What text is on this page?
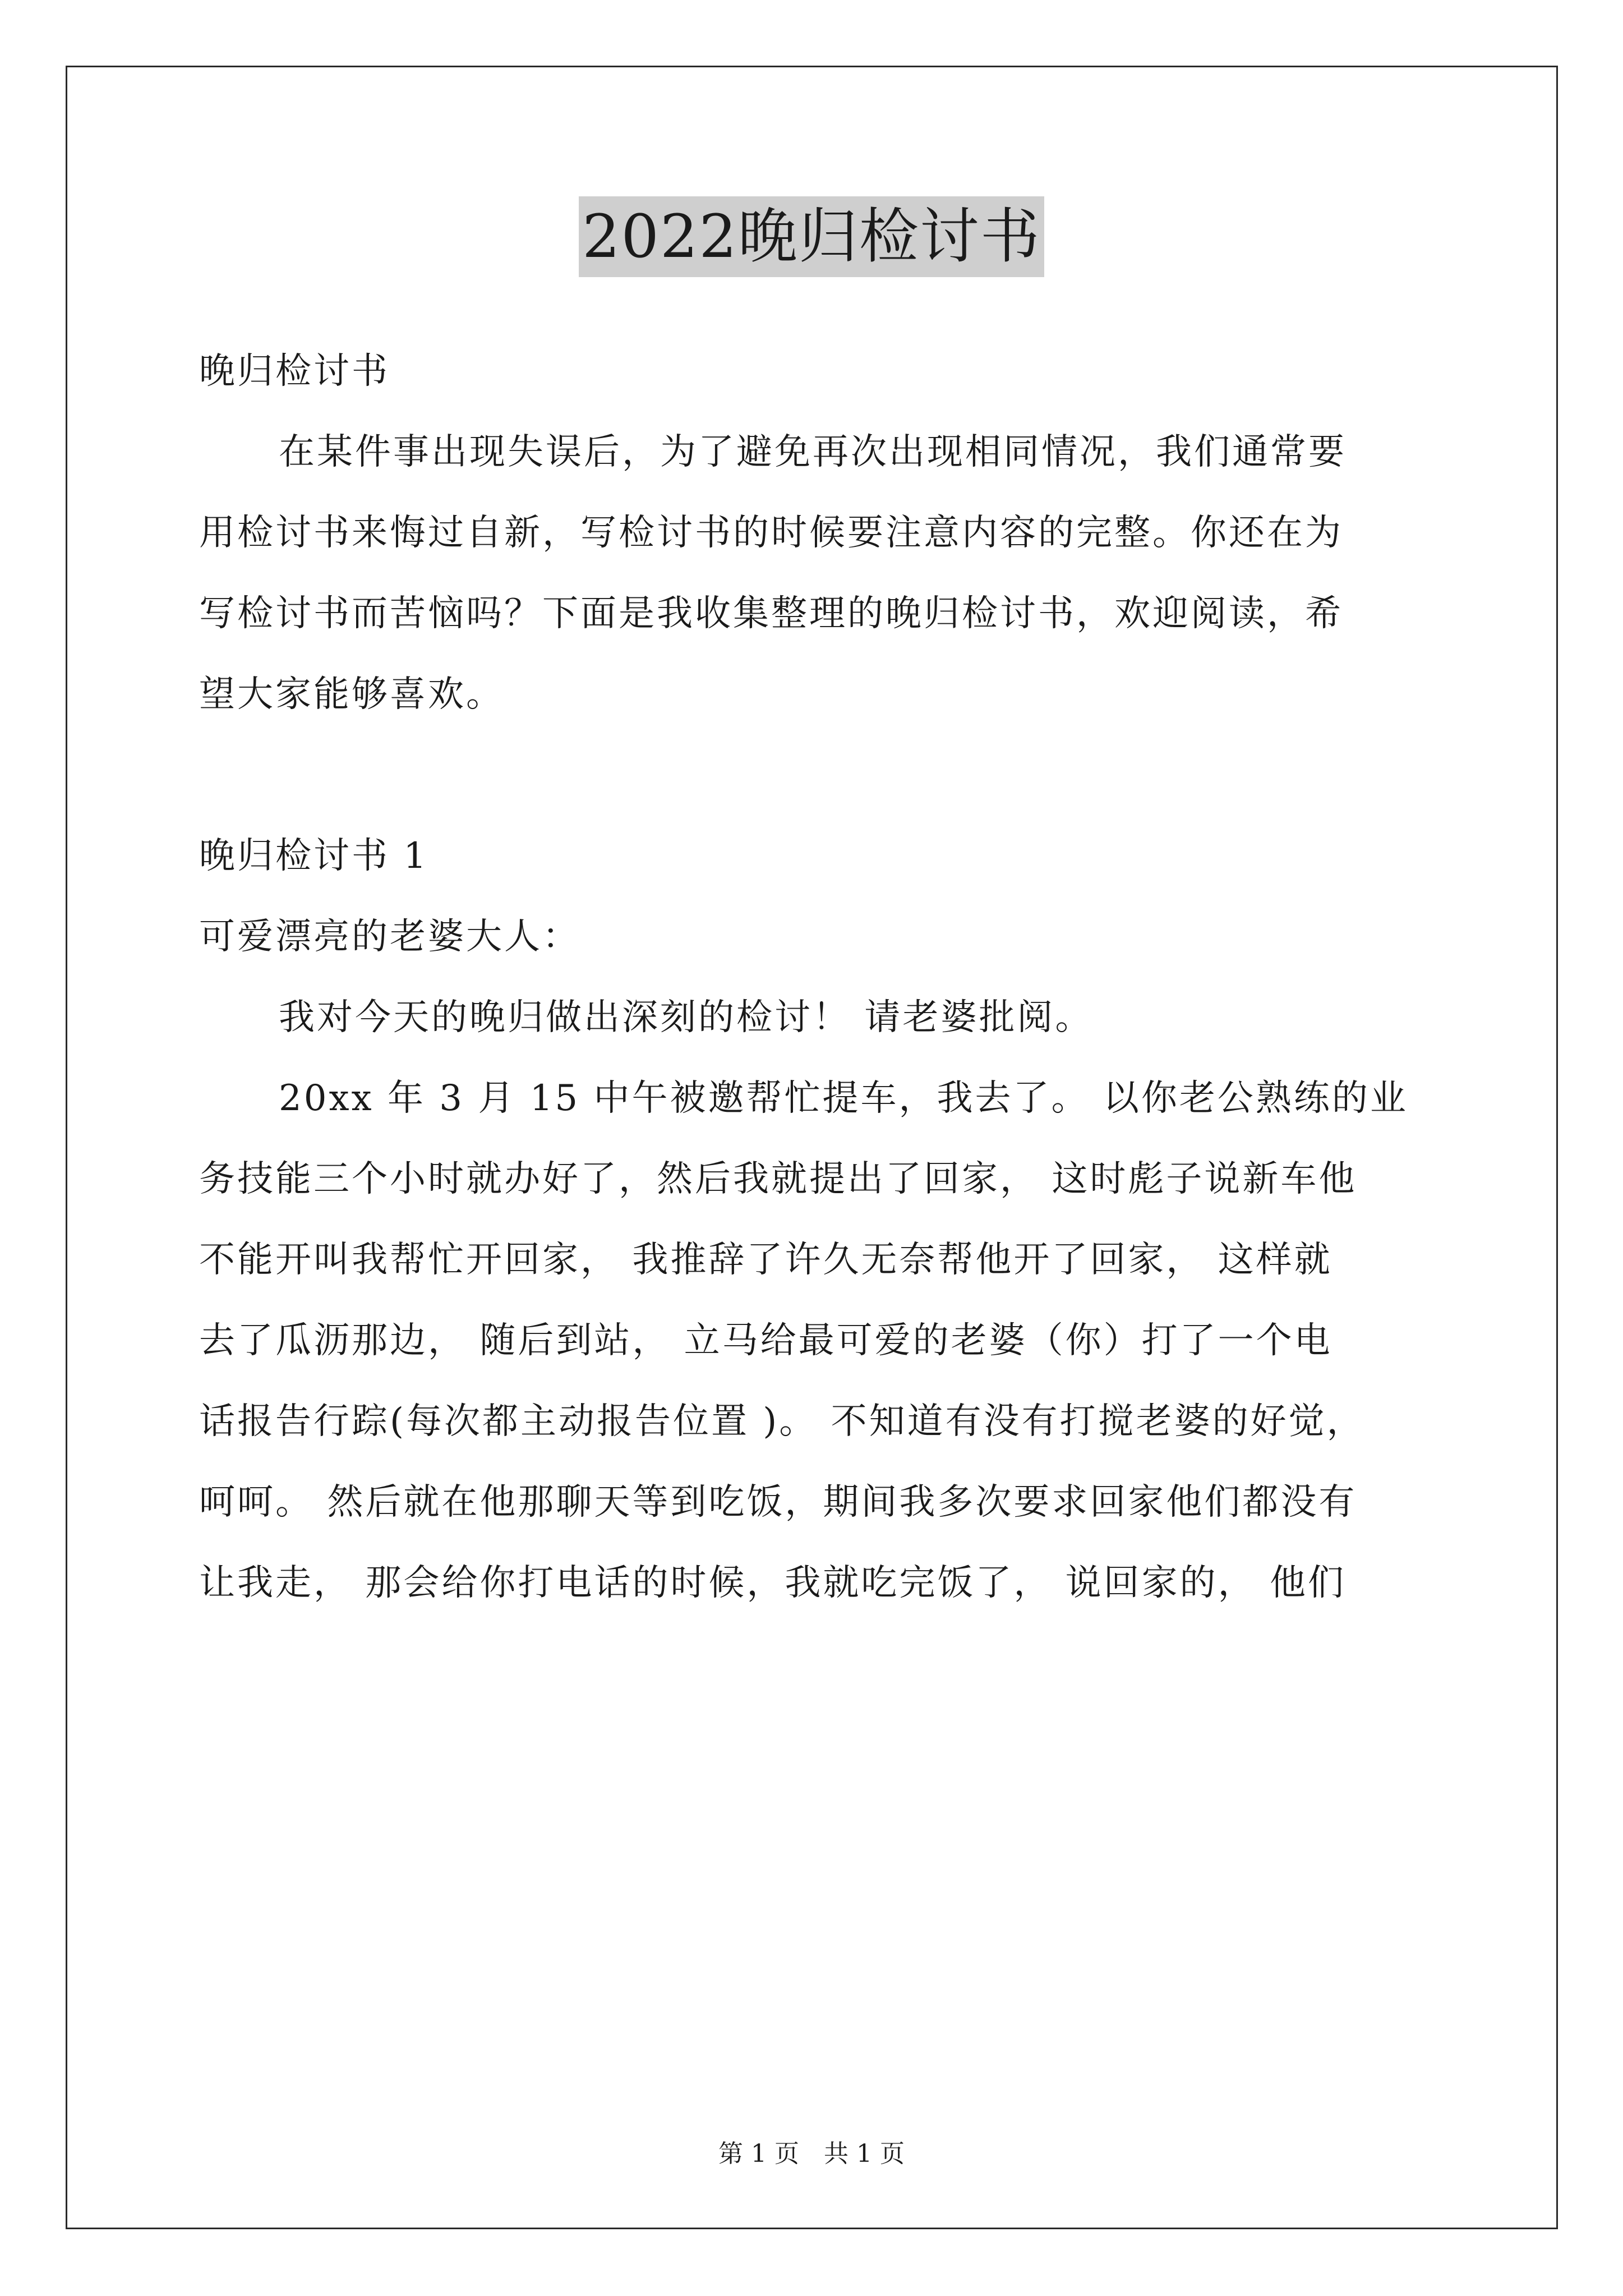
2022晚归检讨书
晚归检讨书
在某件事出现失误后，为了避免再次出现相同情况，我们通常要
用检讨书来悔过自新，写检讨书的时候要注意内容的完整。你还在为
写检讨书而苦恼吗？下面是我收集整理的晚归检讨书，欢迎阅读，希
望大家能够喜欢。
晚归检讨书 1
可爱漂亮的老婆大人：
我对今天的晚归做出深刻的检讨！ 请老婆批阅。
20xx 年 3 月 15 中午被邀帮忙提车，我去了。 以你老公熟练的业
务技能三个小时就办好了，然后我就提出了回家， 这时彪子说新车他
不能开叫我帮忙开回家， 我推辞了许久无奈帮他开了回家， 这样就
去了瓜沥那边， 随后到站， 立马给最可爱的老婆（你）打了一个电
话报告行踪(每次都主动报告位置 )。 不知道有没有打搅老婆的好觉，
呵呵。 然后就在他那聊天等到吃饭，期间我多次要求回家他们都没有
让我走， 那会给你打电话的时候，我就吃完饭了， 说回家的， 他们
第 1 页　共 1 页
